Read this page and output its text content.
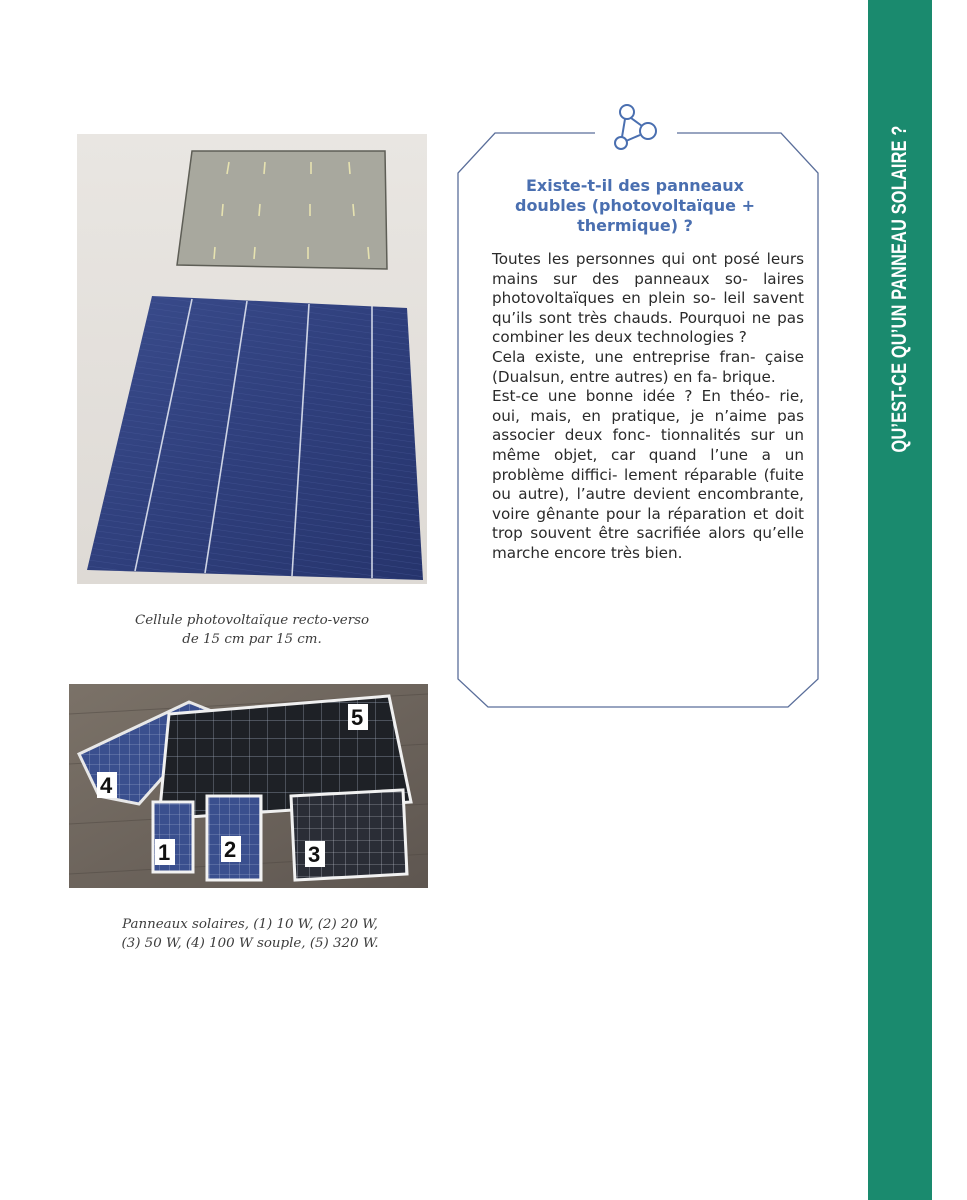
QU’EST-CE QU’UN PANNEAU SOLAIRE ?
Cellule photovoltaïque recto-verso
de 15 cm par 15 cm.
4
5
1 2	3
Panneaux solaires, (1) 10 W, (2) 20 W,
(3) 50 W, (4) 100 W souple, (5) 320 W.
Existe-t-il des panneaux
doubles (photovoltaïque +
thermique) ?

Toutes les personnes qui ont posé leurs mains sur des panneaux so- laires photovoltaïques en plein so- leil savent qu’ils sont très chauds. Pourquoi ne pas combiner les deux technologies ?

Cela existe, une entreprise fran- çaise (Dualsun, entre autres) en fa- brique.

Est-ce une bonne idée ? En théo- rie, oui, mais, en pratique, je n’aime pas associer deux fonc- tionnalités sur un même objet, car quand l’une a un problème diffici- lement réparable (fuite ou autre), l’autre devient encombrante, voire gênante pour la réparation et doit trop souvent être sacrifiée alors qu’elle marche encore très bien.
